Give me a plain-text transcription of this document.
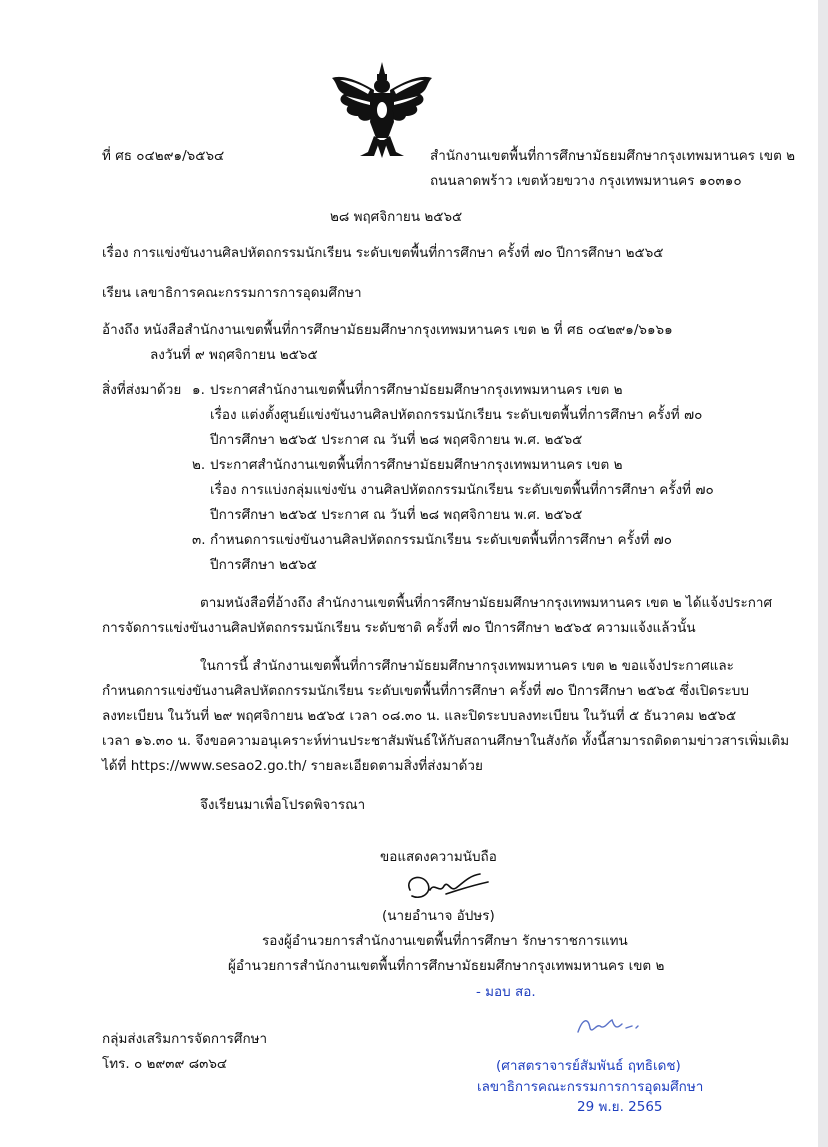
ที่ ศธ ๐๔๒๙๑/๖๕๖๔	สำนักงานเขตพื้นที่การศึกษามัธยมศึกษากรุงเทพมหานคร เขต ๒
ถนนลาดพร้าว เขตห้วยขวาง กรุงเทพมหานคร ๑๐๓๑๐
๒๘ พฤศจิกายน ๒๕๖๕
เรื่อง การแข่งขันงานศิลปหัตถกรรมนักเรียน ระดับเขตพื้นที่การศึกษา ครั้งที่ ๗๐ ปีการศึกษา ๒๕๖๕
เรียน เลขาธิการคณะกรรมการการอุดมศึกษา
อ้างถึง หนังสือสำนักงานเขตพื้นที่การศึกษามัธยมศึกษากรุงเทพมหานคร เขต ๒ ที่ ศธ ๐๔๒๙๑/๖๑๖๑
ลงวันที่ ๙ พฤศจิกายน ๒๕๖๕
สิ่งที่ส่งมาด้วย ๑. ประกาศสำนักงานเขตพื้นที่การศึกษามัธยมศึกษากรุงเทพมหานคร เขต ๒
เรื่อง แต่งตั้งศูนย์แข่งขันงานศิลปหัตถกรรมนักเรียน ระดับเขตพื้นที่การศึกษา ครั้งที่ ๗๐
ปีการศึกษา ๒๕๖๕ ประกาศ ณ วันที่ ๒๘ พฤศจิกายน พ.ศ. ๒๕๖๕
๒. ประกาศสำนักงานเขตพื้นที่การศึกษามัธยมศึกษากรุงเทพมหานคร เขต ๒
เรื่อง การแบ่งกลุ่มแข่งขัน งานศิลปหัตถกรรมนักเรียน ระดับเขตพื้นที่การศึกษา ครั้งที่ ๗๐
ปีการศึกษา ๒๕๖๕ ประกาศ ณ วันที่ ๒๘ พฤศจิกายน พ.ศ. ๒๕๖๕
๓. กำหนดการแข่งขันงานศิลปหัตถกรรมนักเรียน ระดับเขตพื้นที่การศึกษา ครั้งที่ ๗๐
ปีการศึกษา ๒๕๖๕
ตามหนังสือที่อ้างถึง สำนักงานเขตพื้นที่การศึกษามัธยมศึกษากรุงเทพมหานคร เขต ๒ ได้แจ้งประกาศ
การจัดการแข่งขันงานศิลปหัตถกรรมนักเรียน ระดับชาติ ครั้งที่ ๗๐ ปีการศึกษา ๒๕๖๕ ความแจ้งแล้วนั้น
ในการนี้ สำนักงานเขตพื้นที่การศึกษามัธยมศึกษากรุงเทพมหานคร เขต ๒ ขอแจ้งประกาศและ
กำหนดการแข่งขันงานศิลปหัตถกรรมนักเรียน ระดับเขตพื้นที่การศึกษา ครั้งที่ ๗๐ ปีการศึกษา ๒๕๖๕ ซึ่งเปิดระบบ
ลงทะเบียน ในวันที่ ๒๙ พฤศจิกายน ๒๕๖๕ เวลา ๐๘.๓๐ น. และปิดระบบลงทะเบียน ในวันที่ ๕ ธันวาคม ๒๕๖๕
เวลา ๑๖.๓๐ น. จึงขอความอนุเคราะห์ท่านประชาสัมพันธ์ให้กับสถานศึกษาในสังกัด ทั้งนี้สามารถติดตามข่าวสารเพิ่มเติม
ได้ที่ https://www.sesao2.go.th/ รายละเอียดตามสิ่งที่ส่งมาด้วย
จึงเรียนมาเพื่อโปรดพิจารณา
ขอแสดงความนับถือ
(นายอำนาจ อัปษร)
รองผู้อำนวยการสำนักงานเขตพื้นที่การศึกษา รักษาราชการแทน
ผู้อำนวยการสำนักงานเขตพื้นที่การศึกษามัธยมศึกษากรุงเทพมหานคร เขต ๒
- มอบ สอ.
กลุ่มส่งเสริมการจัดการศึกษา
โทร. ๐ ๒๙๓๙ ๘๓๖๔	(ศาสตราจารย์สัมพันธ์ ฤทธิเดช)
เลขาธิการคณะกรรมการการอุดมศึกษา
29 พ.ย. 2565
